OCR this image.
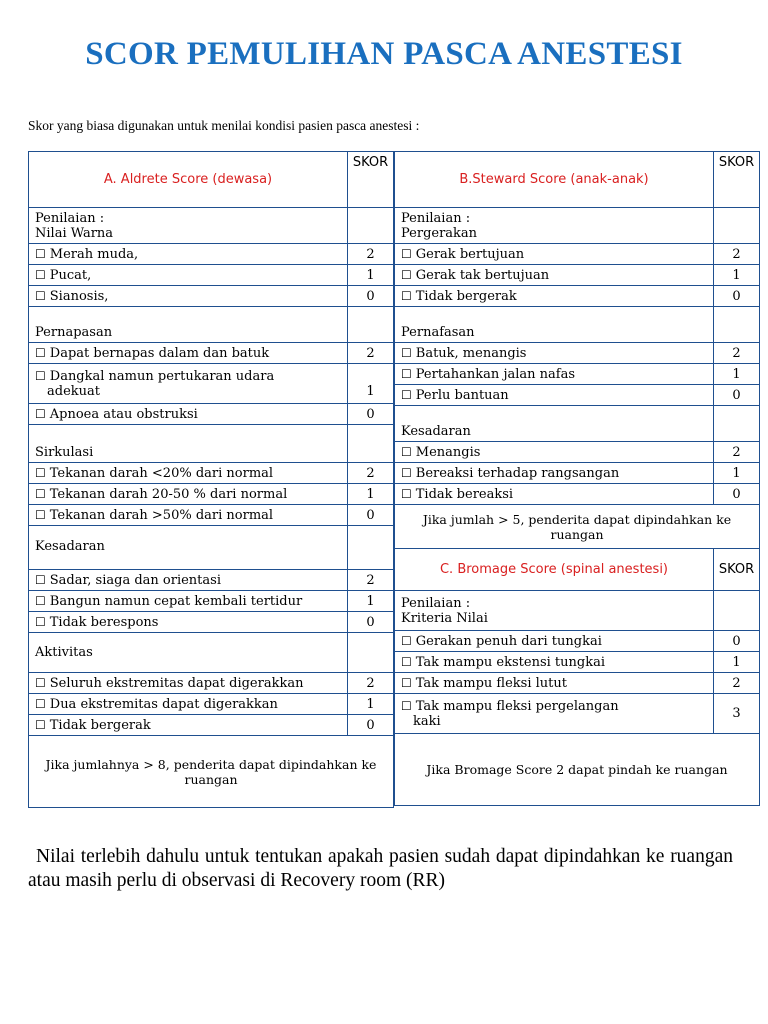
SCOR PEMULIHAN PASCA ANESTESI
Skor yang biasa digunakan untuk menilai kondisi pasien pasca anestesi :
A. Aldrete Score (dewasa)	SKOR
Penilaian :
Nilai Warna	
☐ Merah muda,	2
☐ Pucat,	1
☐ Sianosis,	0
Pernapasan	
☐ Dapat bernapas dalam dan batuk	2
☐ Dangkal namun pertukaran udara
adekuat	1
☐ Apnoea atau obstruksi	0
Sirkulasi	
☐ Tekanan darah <20% dari normal	2
☐ Tekanan darah 20-50 % dari normal	1
☐ Tekanan darah >50% dari normal	0
Kesadaran	
☐ Sadar, siaga dan orientasi	2
☐ Bangun namun cepat kembali tertidur	1
☐ Tidak berespons	0
Aktivitas	
☐ Seluruh ekstremitas dapat digerakkan	2
☐ Dua ekstremitas dapat digerakkan	1
☐ Tidak bergerak	0
Jika jumlahnya > 8, penderita dapat dipindahkan ke ruangan	
B.Steward Score (anak-anak)	SKOR
Penilaian :
Pergerakan	
☐ Gerak bertujuan	2
☐ Gerak tak bertujuan	1
☐ Tidak bergerak	0
Pernafasan	
☐ Batuk, menangis	2
☐ Pertahankan jalan nafas	1
☐ Perlu bantuan	0
Kesadaran	
☐ Menangis	2
☐ Bereaksi terhadap rangsangan	1
☐ Tidak bereaksi	0
Jika jumlah > 5, penderita dapat dipindahkan ke ruangan	
C. Bromage Score (spinal anestesi)	SKOR
Penilaian :
Kriteria Nilai	
☐ Gerakan penuh dari tungkai	0
☐ Tak mampu ekstensi tungkai	1
☐ Tak mampu fleksi lutut	2
☐ Tak mampu fleksi pergelangan
kaki	3
Jika Bromage Score 2 dapat pindah ke ruangan	
Nilai terlebih dahulu untuk tentukan apakah pasien sudah dapat dipindahkan ke ruangan atau masih perlu di observasi di Recovery room (RR)
